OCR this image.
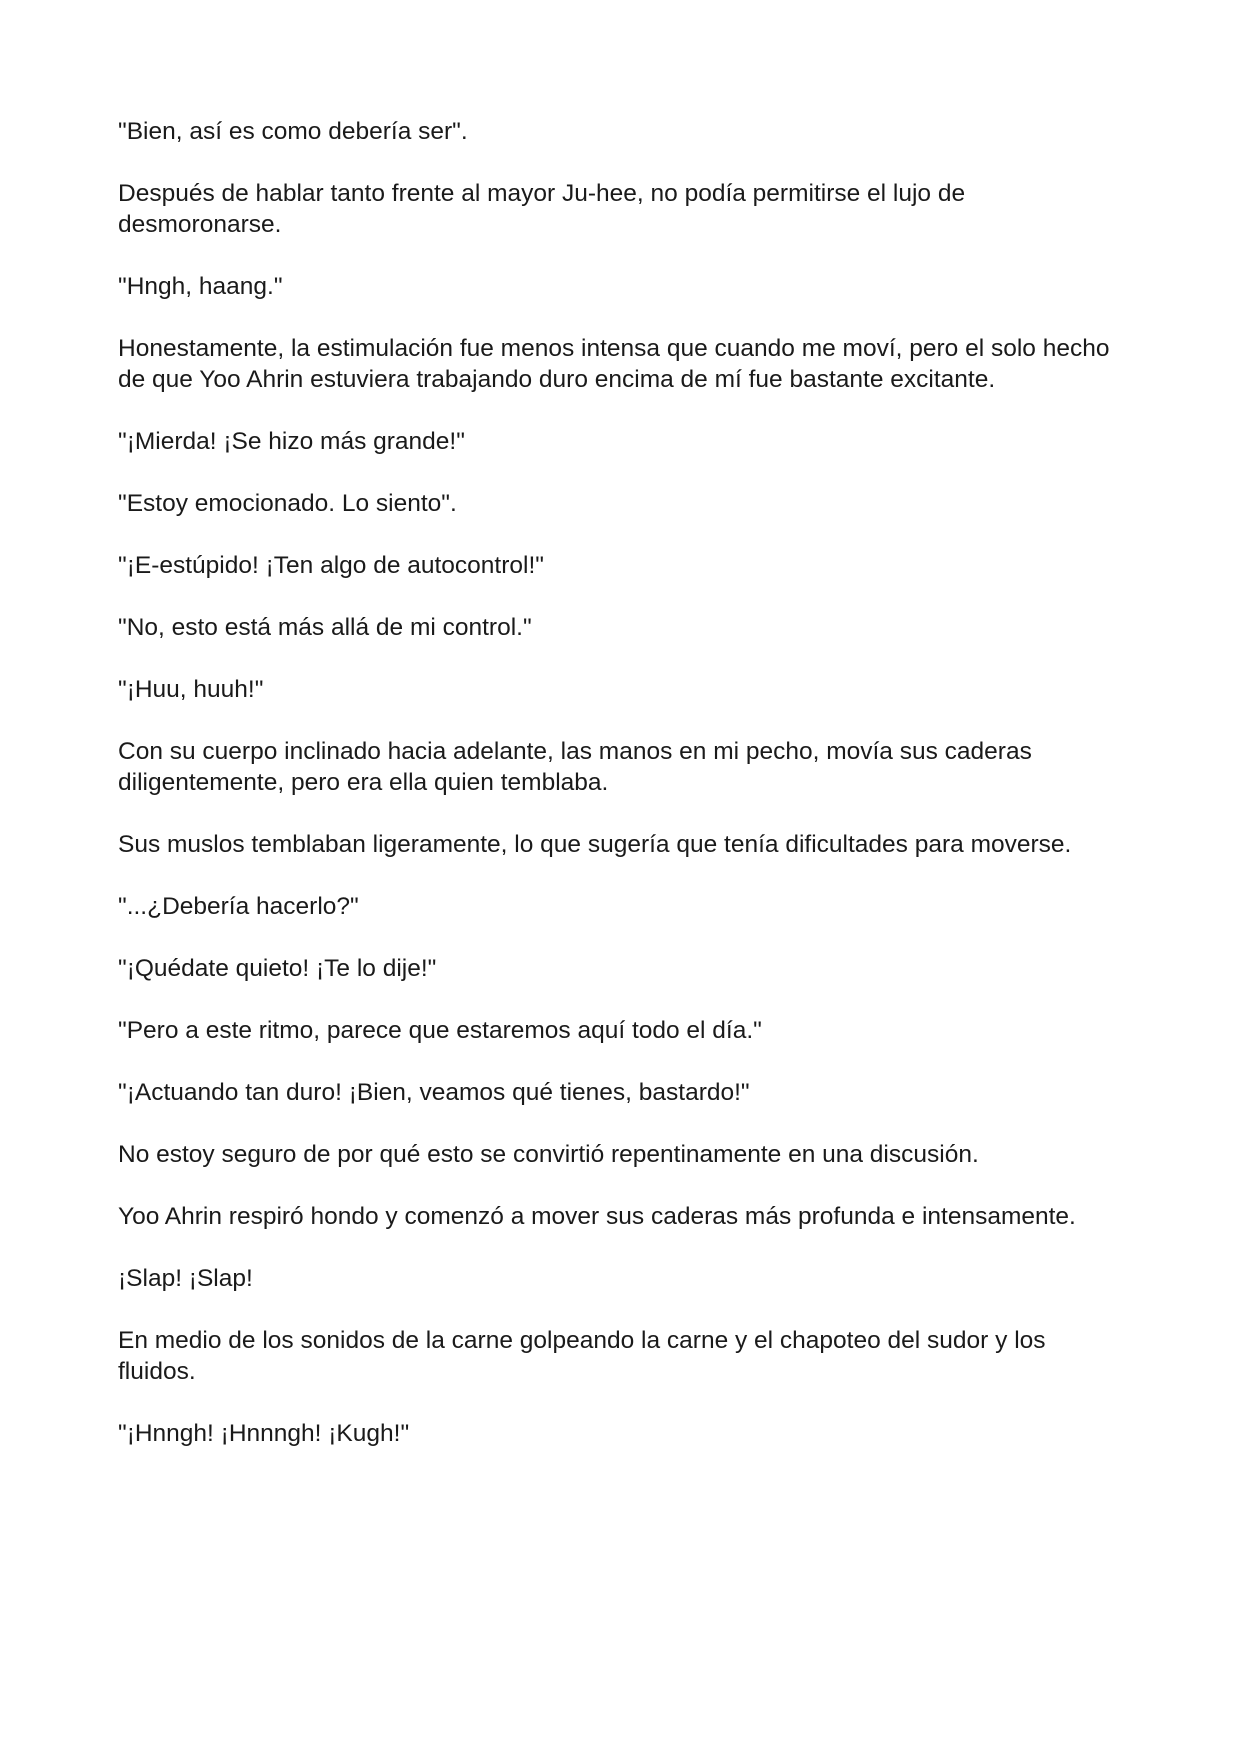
"Bien, así es como debería ser".

Después de hablar tanto frente al mayor Ju-hee, no podía permitirse el lujo de desmoronarse.

"Hngh, haang."

Honestamente, la estimulación fue menos intensa que cuando me moví, pero el solo hecho de que Yoo Ahrin estuviera trabajando duro encima de mí fue bastante excitante.

"¡Mierda! ¡Se hizo más grande!"

"Estoy emocionado. Lo siento".

"¡E-estúpido! ¡Ten algo de autocontrol!"

"No, esto está más allá de mi control."

"¡Huu, huuh!"

Con su cuerpo inclinado hacia adelante, las manos en mi pecho, movía sus caderas diligentemente, pero era ella quien temblaba.

Sus muslos temblaban ligeramente, lo que sugería que tenía dificultades para moverse.

"...¿Debería hacerlo?"

"¡Quédate quieto! ¡Te lo dije!"

"Pero a este ritmo, parece que estaremos aquí todo el día."

"¡Actuando tan duro! ¡Bien, veamos qué tienes, bastardo!"

No estoy seguro de por qué esto se convirtió repentinamente en una discusión.

Yoo Ahrin respiró hondo y comenzó a mover sus caderas más profunda e intensamente.

¡Slap! ¡Slap!

En medio de los sonidos de la carne golpeando la carne y el chapoteo del sudor y los fluidos.

"¡Hnngh! ¡Hnnngh! ¡Kugh!"
